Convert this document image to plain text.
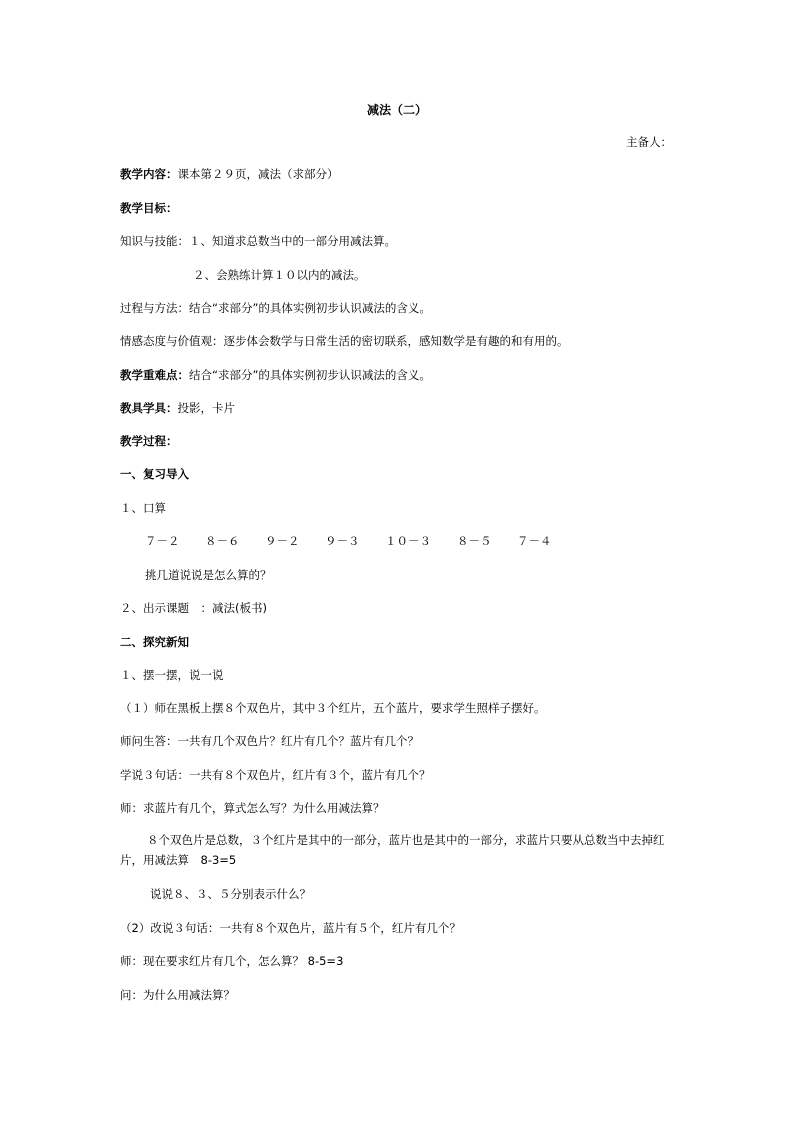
减法（二）
主备人：
教学内容：课本第２９页，减法（求部分）
教学目标：
知识与技能：１、知道求总数当中的一部分用减法算。
２、会熟练计算１０以内的减法。
过程与方法：结合“求部分”的具体实例初步认识减法的含义。
情感态度与价值观：逐步体会数学与日常生活的密切联系，感知数学是有趣的和有用的。
教学重难点：结合“求部分”的具体实例初步认识减法的含义。
教具学具：投影，卡片
教学过程：
一、复习导入
１、口算
７－２ ８－６ ９－２ ９－３ １０－３ ８－５ ７－４
挑几道说说是怎么算的？
２、出示课题　：减法(板书)
二、探究新知
１、摆一摆，说一说
（１）师在黑板上摆８个双色片，其中３个红片，五个蓝片，要求学生照样子摆好。
师问生答：一共有几个双色片？红片有几个？蓝片有几个？
学说３句话：一共有８个双色片，红片有３个，蓝片有几个？
师：求蓝片有几个，算式怎么写？为什么用减法算？
８个双色片是总数，３个红片是其中的一部分，蓝片也是其中的一部分，求蓝片只要从总数当中去掉红片，用减法算　8-3=5
说说８、３、５分别表示什么？
（2）改说３句话：一共有８个双色片，蓝片有５个，红片有几个？
师：现在要求红片有几个，怎么算？ 8-5=3
问：为什么用减法算？
